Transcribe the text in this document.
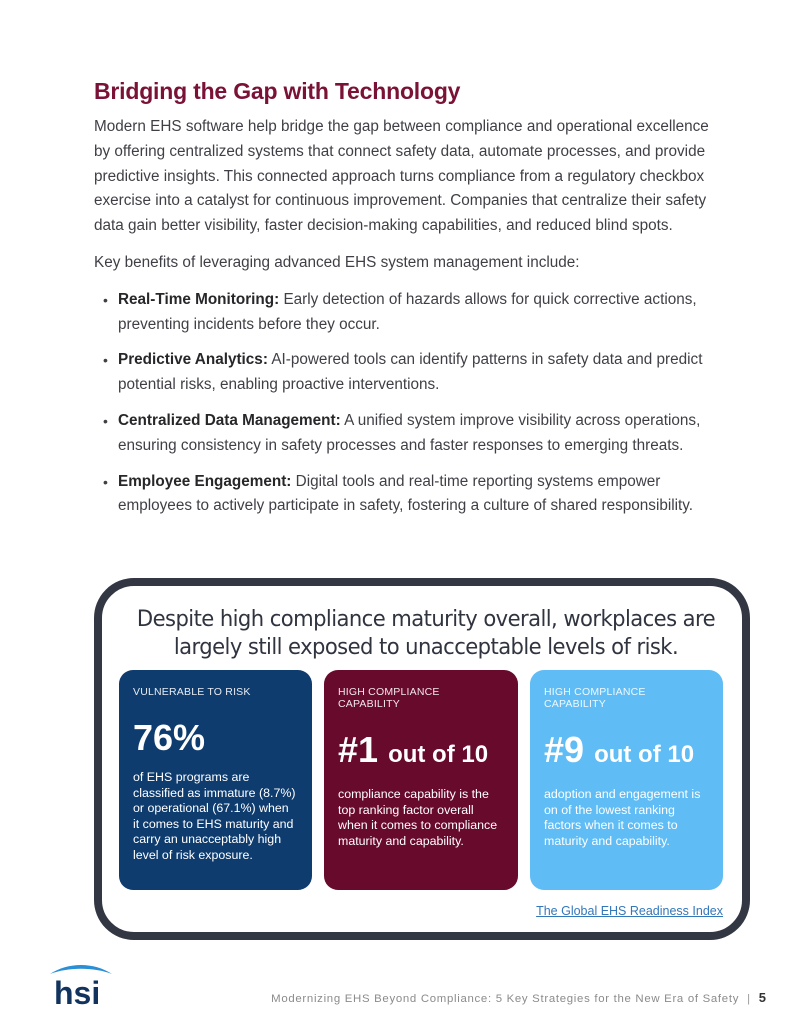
Bridging the Gap with Technology

Modern EHS software help bridge the gap between compliance and operational excellence by offering centralized systems that connect safety data, automate processes, and provide predictive insights. This connected approach turns compliance from a regulatory checkbox exercise into a catalyst for continuous improvement. Companies that centralize their safety data gain better visibility, faster decision-making capabilities, and reduced blind spots.

Key benefits of leveraging advanced EHS system management include:

• Real-Time Monitoring: Early detection of hazards allows for quick corrective actions, preventing incidents before they occur.
• Predictive Analytics: AI-powered tools can identify patterns in safety data and predict potential risks, enabling proactive interventions.
• Centralized Data Management: A unified system improve visibility across operations, ensuring consistency in safety processes and faster responses to emerging threats.
• Employee Engagement: Digital tools and real-time reporting systems empower employees to actively participate in safety, fostering a culture of shared responsibility.
Despite high compliance maturity overall, workplaces are
largely still exposed to unacceptable levels of risk.
VULNERABLE TO RISK
76%
of EHS programs are classified as immature (8.7%) or operational (67.1%) when it comes to EHS maturity and carry an unacceptably high level of risk exposure.
HIGH COMPLIANCE CAPABILITY
#1 out of 10
compliance capability is the top ranking factor overall when it comes to compliance maturity and capability.
HIGH COMPLIANCE CAPABILITY
#9 out of 10
adoption and engagement is on of the lowest ranking factors when it comes to maturity and capability.
The Global EHS Readiness Index
hsi	Modernizing EHS Beyond Compliance: 5 Key Strategies for the New Era of Safety | 5
